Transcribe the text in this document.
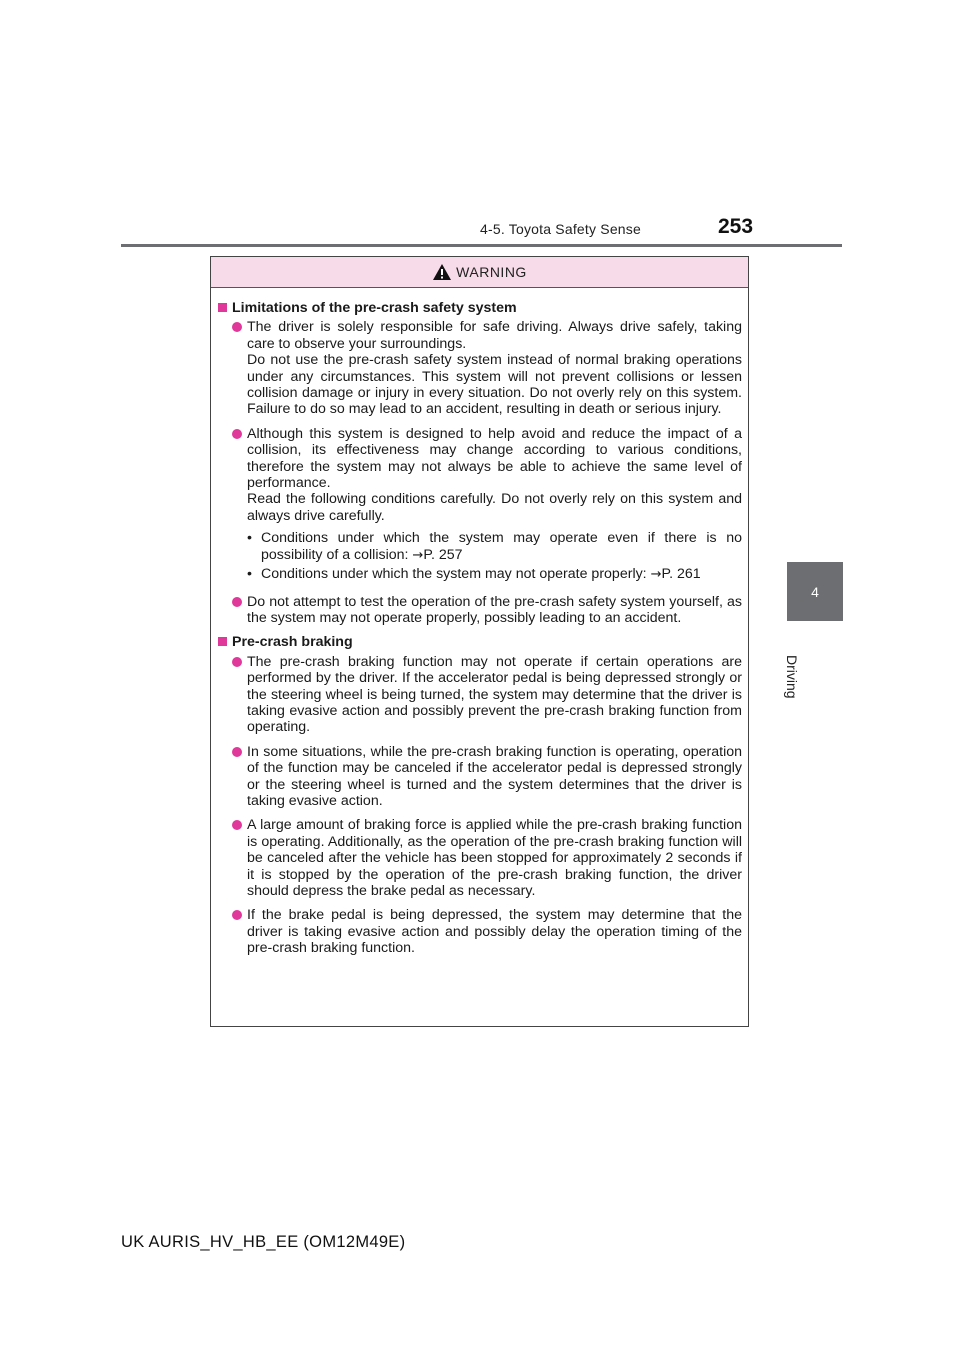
4-5. Toyota Safety Sense	253
4
Driving
WARNING
Limitations of the pre-crash safety system

The driver is solely responsible for safe driving. Always drive safely, taking care to observe your surroundings.

Do not use the pre-crash safety system instead of normal braking operations under any circumstances. This system will not prevent collisions or lessen collision damage or injury in every situation. Do not overly rely on this system. Failure to do so may lead to an accident, resulting in death or serious injury.

Although this system is designed to help avoid and reduce the impact of a collision, its effectiveness may change according to various conditions, therefore the system may not always be able to achieve the same level of performance.

Read the following conditions carefully. Do not overly rely on this system and always drive carefully.

• Conditions under which the system may operate even if there is no possibility of a collision: →P. 257
• Conditions under which the system may not operate properly: →P. 261

Do not attempt to test the operation of the pre-crash safety system yourself, as the system may not operate properly, possibly leading to an accident.

Pre-crash braking

The pre-crash braking function may not operate if certain operations are performed by the driver. If the accelerator pedal is being depressed strongly or the steering wheel is being turned, the system may determine that the driver is taking evasive action and possibly prevent the pre-crash braking function from operating.

In some situations, while the pre-crash braking function is operating, operation of the function may be canceled if the accelerator pedal is depressed strongly or the steering wheel is turned and the system determines that the driver is taking evasive action.

A large amount of braking force is applied while the pre-crash braking function is operating. Additionally, as the operation of the pre-crash braking function will be canceled after the vehicle has been stopped for approximately 2 seconds if it is stopped by the operation of the pre-crash braking function, the driver should depress the brake pedal as necessary.

If the brake pedal is being depressed, the system may determine that the driver is taking evasive action and possibly delay the operation timing of the pre-crash braking function.

UK AURIS_HV_HB_EE (OM12M49E)
